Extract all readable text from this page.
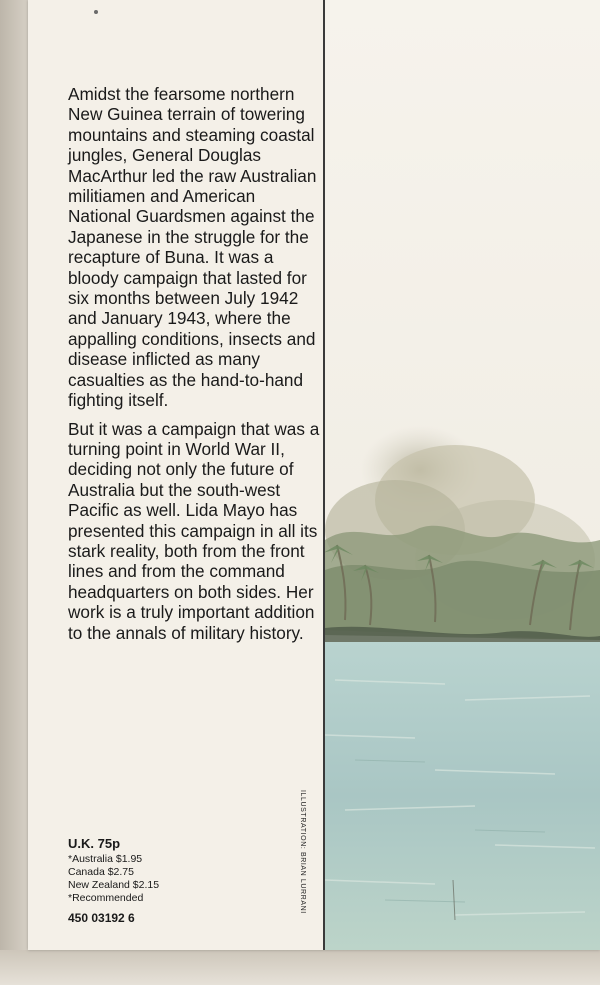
Amidst the fearsome northern New Guinea terrain of towering mountains and steaming coastal jungles, General Douglas MacArthur led the raw Australian militiamen and American National Guardsmen against the Japanese in the struggle for the recapture of Buna. It was a bloody campaign that lasted for six months between July 1942 and January 1943, where the appalling conditions, insects and disease inflicted as many casualties as the hand-to-hand fighting itself.

But it was a campaign that was a turning point in World War II, deciding not only the future of Australia but the south-west Pacific as well. Lida Mayo has presented this campaign in all its stark reality, both from the front lines and from the command headquarters on both sides. Her work is a truly important addition to the annals of military history.

U.K. 75p
*Australia $1.95
Canada $2.75
New Zealand $2.15
*Recommended
450 03192 6
ILLUSTRATION: BRIAN LURRANI
